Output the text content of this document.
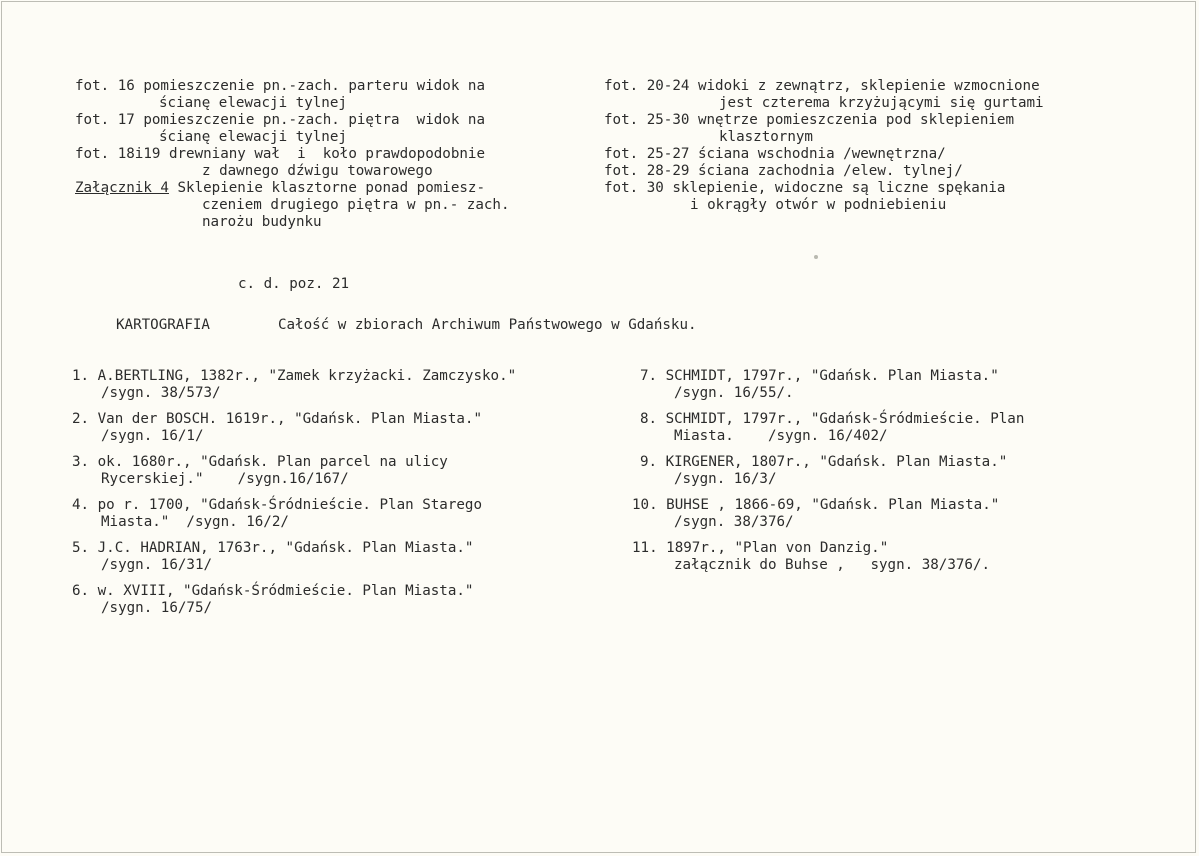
fot. 16 pomieszczenie pn.-zach. parteru widok na
ścianę elewacji tylnej
fot. 17 pomieszczenie pn.-zach. piętra  widok na
ścianę elewacji tylnej
fot. 18i19 drewniany wał  i  koło prawdopodobnie
z dawnego dźwigu towarowego
Załącznik 4 Sklepienie klasztorne ponad pomiesz-
czeniem drugiego piętra w pn.- zach.
narożu budynku
fot. 20-24 widoki z zewnątrz, sklepienie wzmocnione
jest czterema krzyżującymi się gurtami
fot. 25-30 wnętrze pomieszczenia pod sklepieniem
klasztornym
fot. 25-27 ściana wschodnia /wewnętrzna/
fot. 28-29 ściana zachodnia /elew. tylnej/
fot. 30 sklepienie, widoczne są liczne spękania
i okrągły otwór w podniebieniu
c. d. poz. 21
KARTOGRAFIA	Całość w zbiorach Archiwum Państwowego w Gdańsku.
1. A.BERTLING, 1382r., "Zamek krzyżacki. Zamczysko."
/sygn. 38/573/
2. Van der BOSCH. 1619r., "Gdańsk. Plan Miasta."
/sygn. 16/1/
3. ok. 1680r., "Gdańsk. Plan parcel na ulicy
Rycerskiej."    /sygn.16/167/
4. po r. 1700, "Gdańsk-Śródnieście. Plan Starego
Miasta."  /sygn. 16/2/
5. J.C. HADRIAN, 1763r., "Gdańsk. Plan Miasta."
/sygn. 16/31/
6. w. XVIII, "Gdańsk-Śródmieście. Plan Miasta."
/sygn. 16/75/
7. SCHMIDT, 1797r., "Gdańsk. Plan Miasta."
/sygn. 16/55/.
8. SCHMIDT, 1797r., "Gdańsk-Śródmieście. Plan
Miasta.    /sygn. 16/402/
9. KIRGENER, 1807r., "Gdańsk. Plan Miasta."
/sygn. 16/3/
10. BUHSE , 1866-69, "Gdańsk. Plan Miasta."
/sygn. 38/376/
11. 1897r., "Plan von Danzig."
załącznik do Buhse ,   sygn. 38/376/.
